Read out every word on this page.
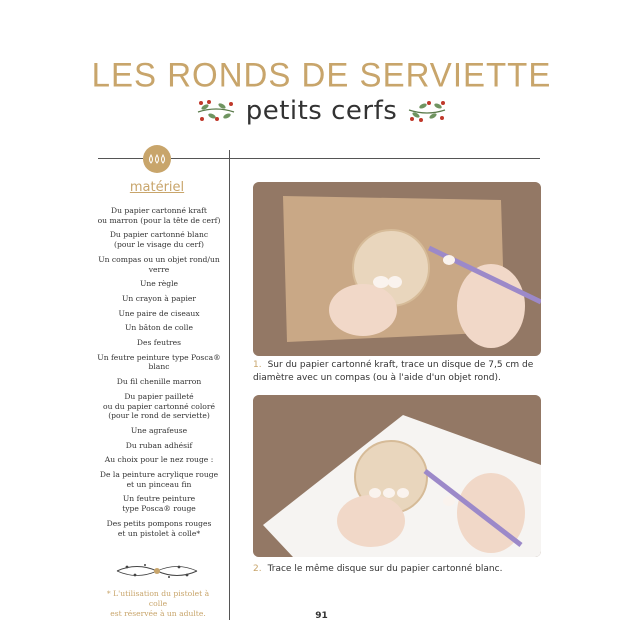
LES RONDS DE SERVIETTE
petits cerfs
matériel
Du papier cartonné kraft
ou marron (pour la tête de cerf)
Du papier cartonné blanc
(pour le visage du cerf)
Un compas ou un objet rond/un verre
Une règle
Un crayon à papier
Une paire de ciseaux
Un bâton de colle
Des feutres
Un feutre peinture type Posca® blanc
Du fil chenille marron
Du papier pailleté
ou du papier cartonné coloré
(pour le rond de serviette)
Une agrafeuse
Du ruban adhésif
Au choix pour le nez rouge :
De la peinture acrylique rouge
et un pinceau fin
Un feutre peinture
type Posca® rouge
Des petits pompons rouges
et un pistolet à colle*
* L'utilisation du pistolet à colle
est réservée à un adulte.
1. Sur du papier cartonné kraft, trace un disque de 7,5 cm de diamètre avec un compas (ou à l'aide d'un objet rond).
2. Trace le même disque sur du papier cartonné blanc.
91
